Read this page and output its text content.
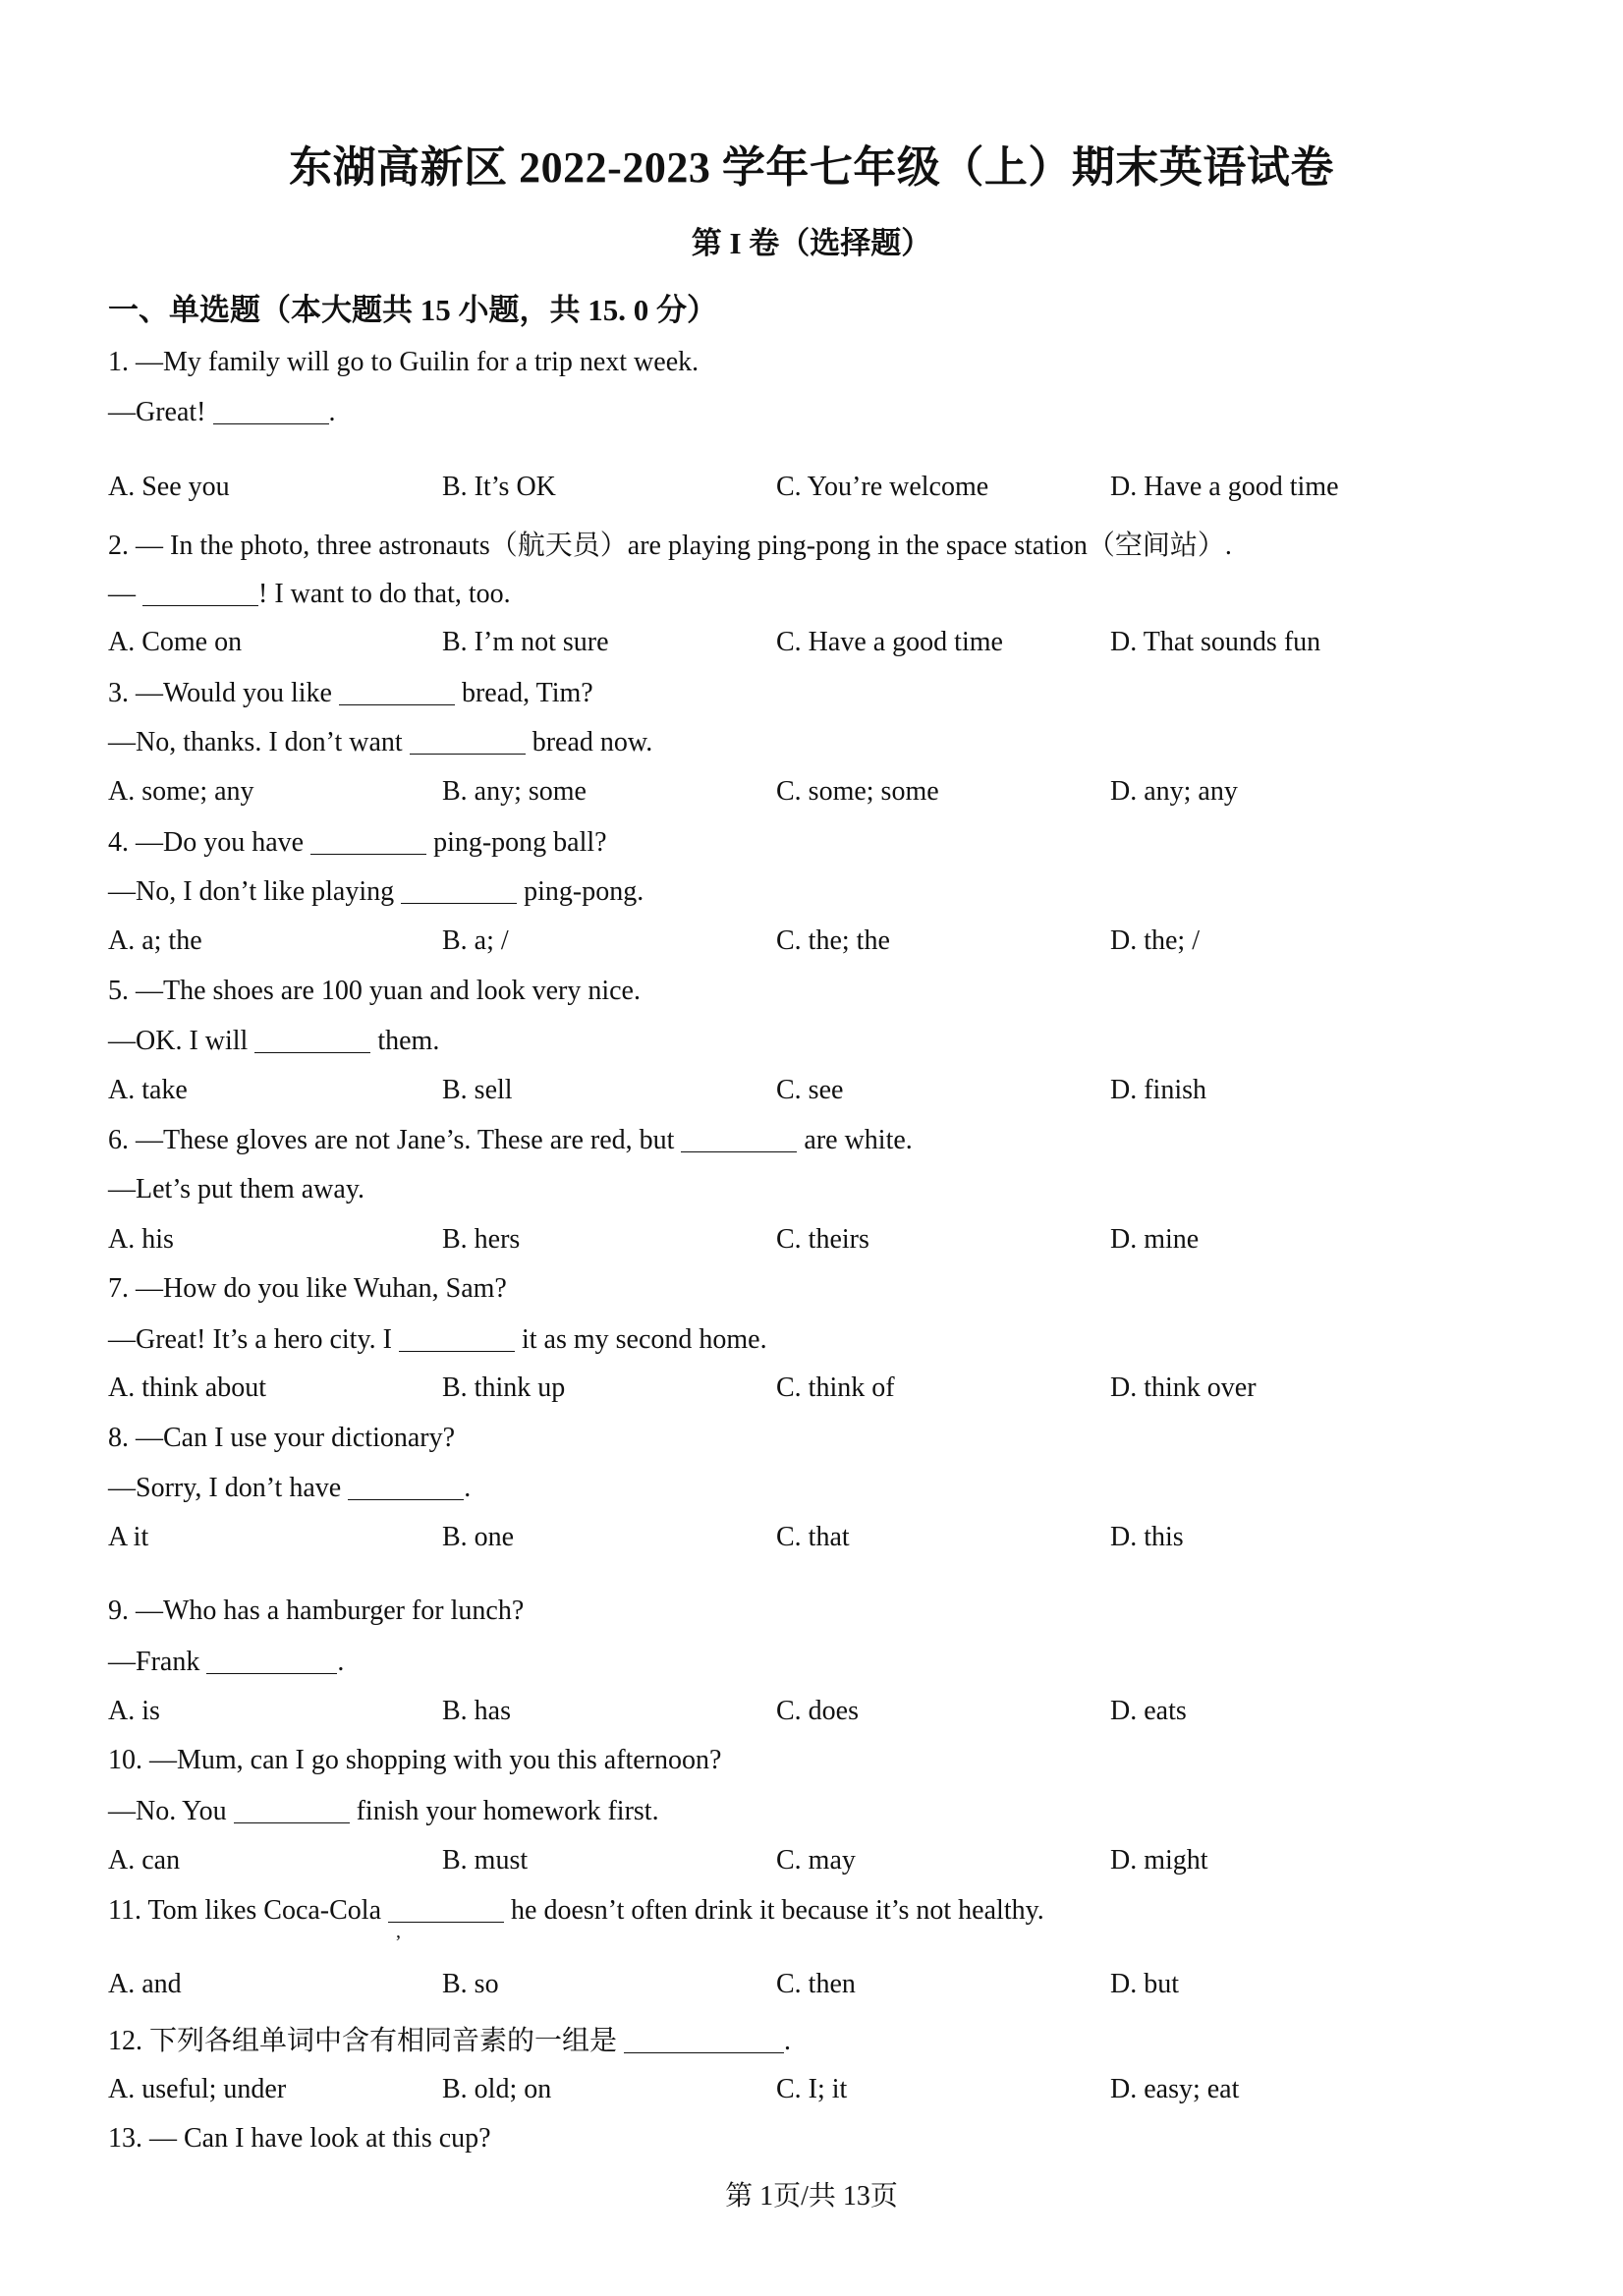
东湖高新区 2022-2023 学年七年级（上）期末英语试卷
第 I 卷（选择题）
一、单选题（本大题共 15 小题，共 15. 0 分）
1. —My family will go to Guilin for a trip next week.
—Great!	.
A. See you	B. It’s OK	C. You’re welcome	D. Have a good time
2. — In the photo, three astronauts（航天员）are playing ping-pong in the space station（空间站）.
—	! I want to do that, too.
A. Come on	B. I’m not sure	C. Have a good time	D. That sounds fun
3. —Would you like	bread, Tim?
—No, thanks. I don’t want	bread now.
A. some; any	B. any; some	C. some; some	D. any; any
4. —Do you have	ping-pong ball?
—No, I don’t like playing	ping-pong.
A. a; the	B. a; /	C. the; the	D. the; /
5. —The shoes are 100 yuan and look very nice.
—OK. I will	them.
A. take	B. sell	C. see	D. finish
6. —These gloves are not Jane’s. These are red, but	are white.
—Let’s put them away.
A. his	B. hers	C. theirs	D. mine
7. —How do you like Wuhan, Sam?
—Great! It’s a hero city. I	it as my second home.
A. think about	B. think up	C. think of	D. think over
8. —Can I use your dictionary?
—Sorry, I don’t have	.
A it	B. one	C. that	D. this
9. —Who has a hamburger for lunch?
—Frank	.
A. is	B. has	C. does	D. eats
10. —Mum, can I go shopping with you this afternoon?
—No. You	finish your homework first.
A. can	B. must	C. may	D. might
11. Tom likes Coca-Cola	he doesn’t often drink it because it’s not healthy.
,
A. and	B. so	C. then	D. but
12. 下列各组单词中含有相同音素的一组是	.
A. useful; under	B. old; on	C. I; it	D. easy; eat
13. — Can I have look at this cup?
第 1页/共 13页
